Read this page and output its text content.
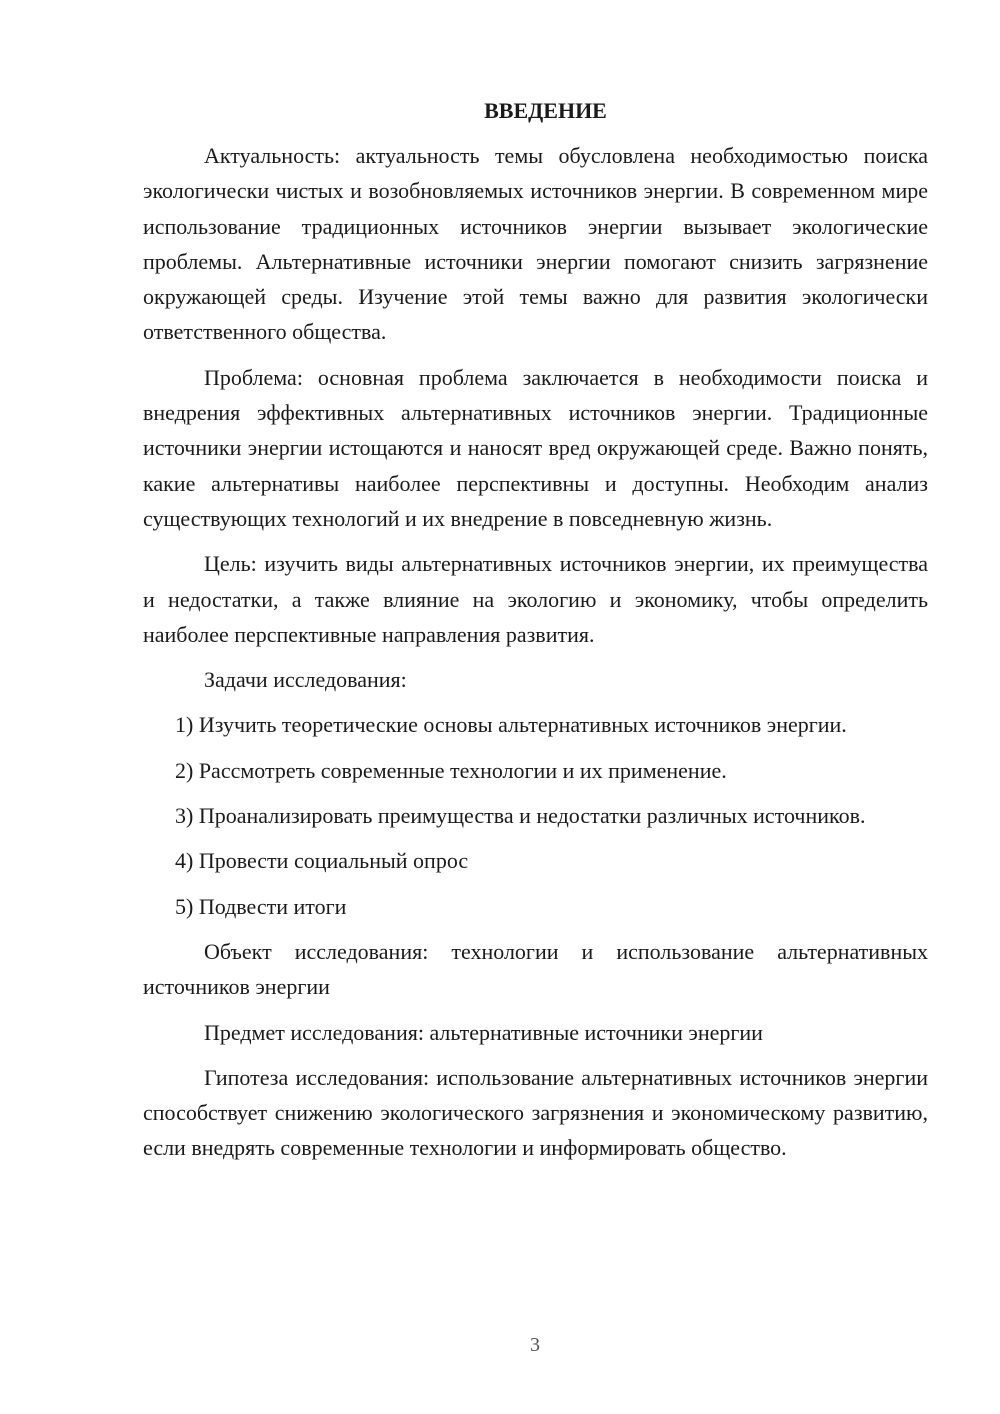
ВВЕДЕНИЕ

Актуальность: актуальность темы обусловлена необходимостью поиска экологически чистых и возобновляемых источников энергии. В современном мире использование традиционных источников энергии вызывает экологические проблемы. Альтернативные источники энергии помогают снизить загрязнение окружающей среды. Изучение этой темы важно для развития экологически ответственного общества.

Проблема: основная проблема заключается в необходимости поиска и внедрения эффективных альтернативных источников энергии. Традиционные источники энергии истощаются и наносят вред окружающей среде. Важно понять, какие альтернативы наиболее перспективны и доступны. Необходим анализ существующих технологий и их внедрение в повседневную жизнь.

Цель: изучить виды альтернативных источников энергии, их преимущества и недостатки, а также влияние на экологию и экономику, чтобы определить наиболее перспективные направления развития.

Задачи исследования:

1) Изучить теоретические основы альтернативных источников энергии.

2) Рассмотреть современные технологии и их применение.

3) Проанализировать преимущества и недостатки различных источников.

4) Провести социальный опрос

5) Подвести итоги

Объект исследования: технологии и использование альтернативных источников энергии

Предмет исследования: альтернативные источники энергии

Гипотеза исследования: использование альтернативных источников энергии способствует снижению экологического загрязнения и экономическому развитию, если внедрять современные технологии и информировать общество.

3
